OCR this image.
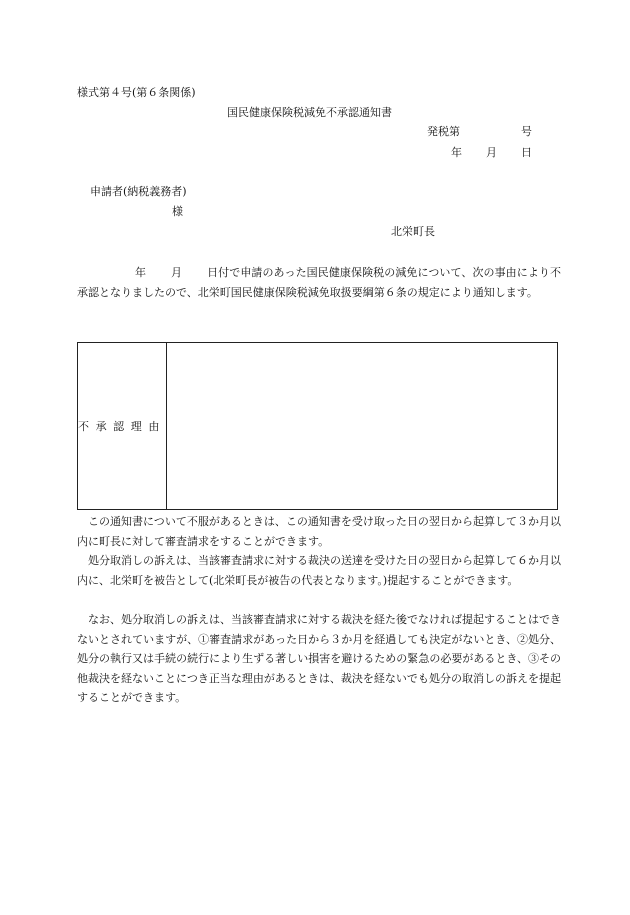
様式第４号(第６条関係)
国民健康保険税減免不承認通知書
発税第	号
年 月 日
申請者(納税義務者)
様
北栄町長
年 月 日付で申請のあった国民健康保険税の減免について、次の事由により不承認となりましたので、北栄町国民健康保険税減免取扱要綱第６条の規定により通知します。
不承認理由	
この通知書について不服があるときは、この通知書を受け取った日の翌日から起算して３か月以内に町長に対して審査請求をすることができます。
処分取消しの訴えは、当該審査請求に対する裁決の送達を受けた日の翌日から起算して６か月以内に、北栄町を被告として(北栄町長が被告の代表となります。)提起することができます。
なお、処分取消しの訴えは、当該審査請求に対する裁決を経た後でなければ提起することはできないとされていますが、①審査請求があった日から３か月を経過しても決定がないとき、②処分、処分の執行又は手続の続行により生ずる著しい損害を避けるための緊急の必要があるとき、③その他裁決を経ないことにつき正当な理由があるときは、裁決を経ないでも処分の取消しの訴えを提起することができます。
